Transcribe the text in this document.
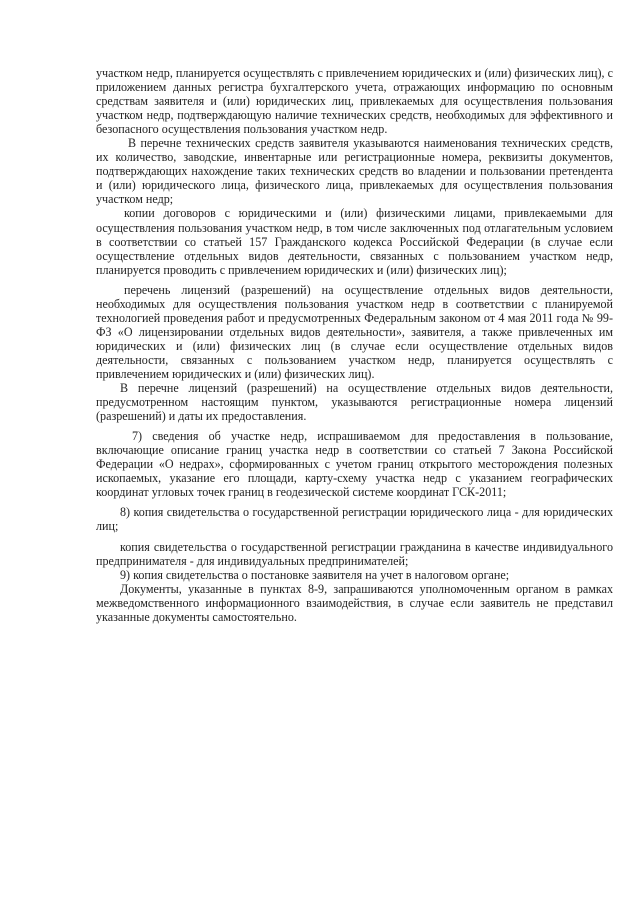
участком недр, планируется осуществлять с привлечением юридических и (или) физических лиц), с приложением данных регистра бухгалтерского учета, отражающих информацию по основным средствам заявителя и (или) юридических лиц, привлекаемых для осуществления пользования участком недр, подтверждающую наличие технических средств, необходимых для эффективного и безопасного осуществления пользования участком недр.

В перечне технических средств заявителя указываются наименования технических средств, их количество, заводские, инвентарные или регистрационные номера, реквизиты документов, подтверждающих нахождение таких технических средств во владении и пользовании претендента и (или) юридического лица, физического лица, привлекаемых для осуществления пользования участком недр;

копии договоров с юридическими и (или) физическими лицами, привлекаемыми для осуществления пользования участком недр, в том числе заключенных под отлагательным условием в соответствии со статьей 157 Гражданского кодекса Российской Федерации (в случае если осуществление отдельных видов деятельности, связанных с пользованием участком недр, планируется проводить с привлечением юридических и (или) физических лиц);

перечень лицензий (разрешений) на осуществление отдельных видов деятельности, необходимых для осуществления пользования участком недр в соответствии с планируемой технологией проведения работ и предусмотренных Федеральным законом от 4 мая 2011 года № 99-ФЗ «О лицензировании отдельных видов деятельности», заявителя, а также привлеченных им юридических и (или) физических лиц (в случае если осуществление отдельных видов деятельности, связанных с пользованием участком недр, планируется осуществлять с привлечением юридических и (или) физических лиц).

В перечне лицензий (разрешений) на осуществление отдельных видов деятельности, предусмотренном настоящим пунктом, указываются регистрационные номера лицензий (разрешений) и даты их предоставления.

7) сведения об участке недр, испрашиваемом для предоставления в пользование, включающие описание границ участка недр в соответствии со статьей 7 Закона Российской Федерации «О недрах», сформированных с учетом границ открытого месторождения полезных ископаемых, указание его площади, карту-схему участка недр с указанием географических координат угловых точек границ в геодезической системе координат ГСК-2011;

8) копия свидетельства о государственной регистрации юридического лица - для юридических лиц;

копия свидетельства о государственной регистрации гражданина в качестве индивидуального предпринимателя - для индивидуальных предпринимателей;

9) копия свидетельства о постановке заявителя на учет в налоговом органе;

Документы, указанные в пунктах 8-9, запрашиваются уполномоченным органом в рамках межведомственного информационного взаимодействия, в случае если заявитель не представил указанные документы самостоятельно.
